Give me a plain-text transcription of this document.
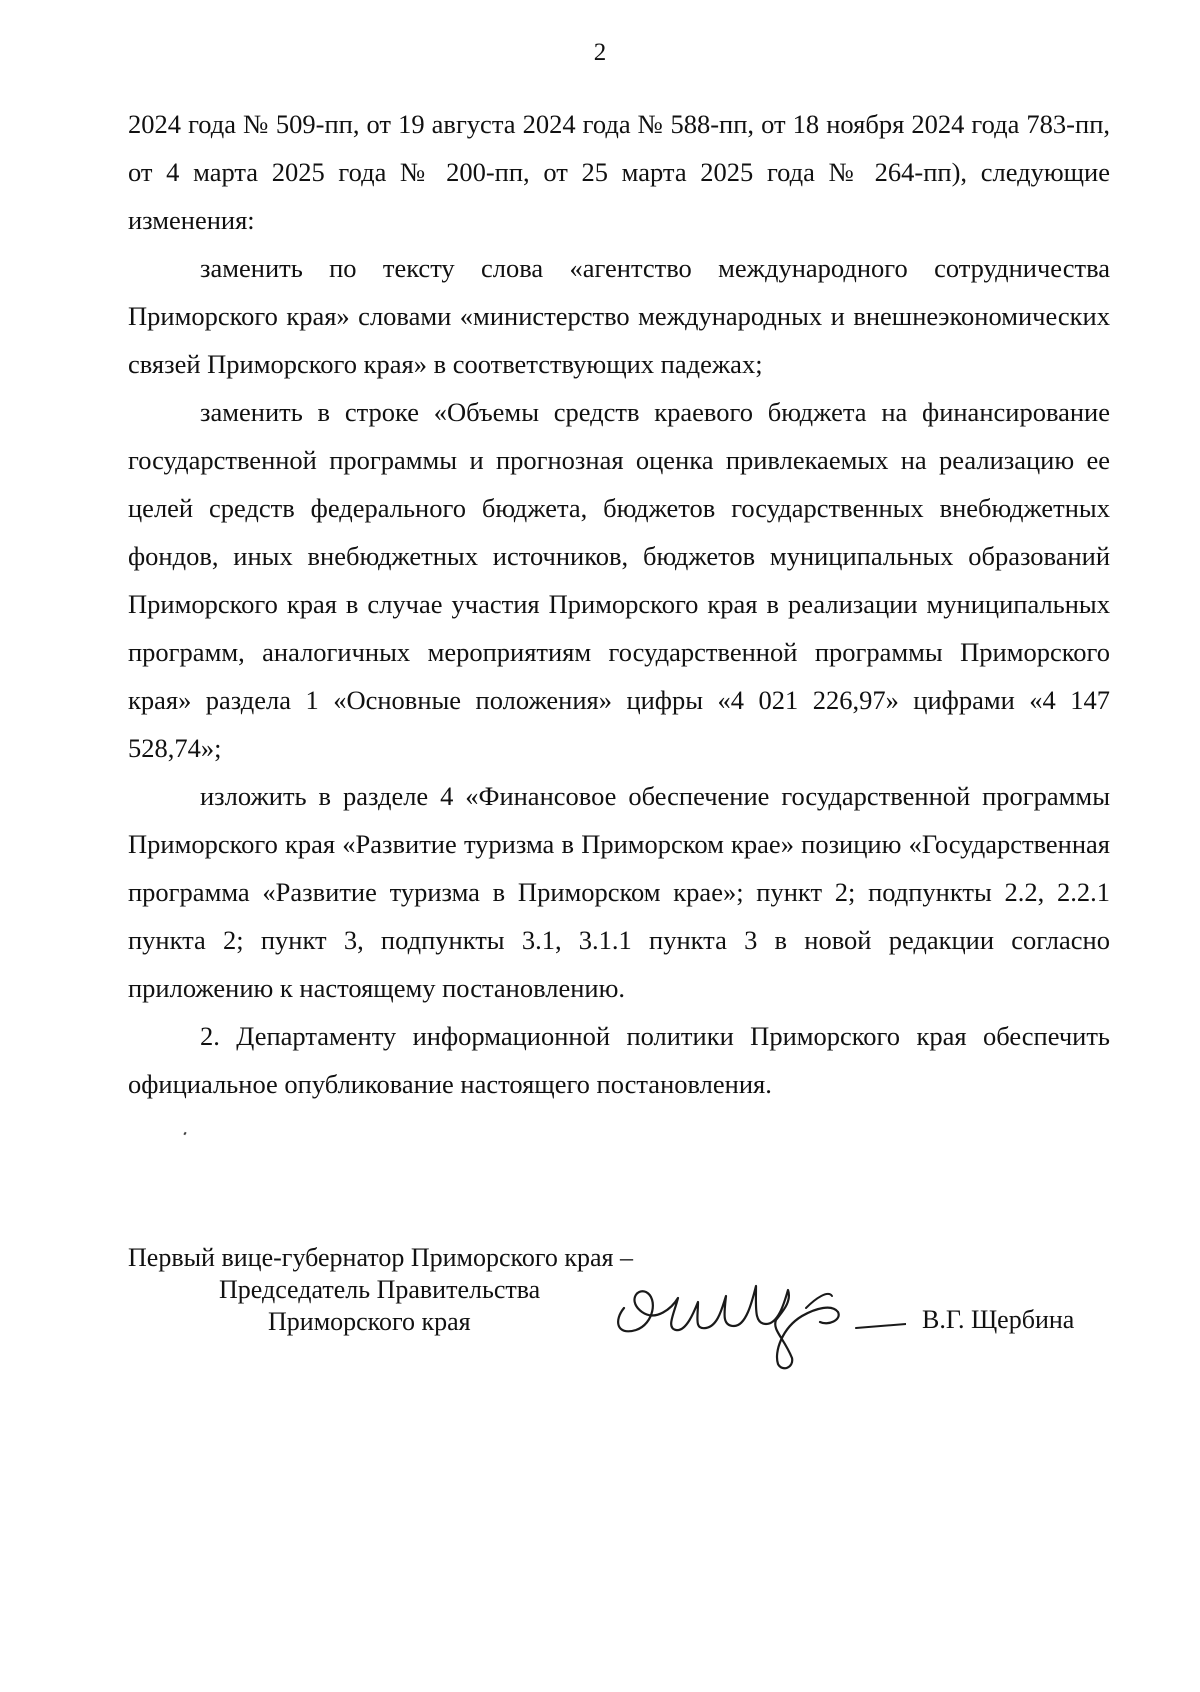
2

2024 года № 509-пп, от 19 августа 2024 года № 588-пп, от 18 ноября 2024 года 783-пп, от 4 марта 2025 года № 200-пп, от 25 марта 2025 года № 264-пп), следующие изменения:

заменить по тексту слова «агентство международного сотрудничества Приморского края» словами «министерство международных и внешнеэкономических связей Приморского края» в соответствующих падежах;

заменить в строке «Объемы средств краевого бюджета на финансирование государственной программы и прогнозная оценка привлекаемых на реализацию ее целей средств федерального бюджета, бюджетов государственных внебюджетных фондов, иных внебюджетных источников, бюджетов муниципальных образований Приморского края в случае участия Приморского края в реализации муниципальных программ, аналогичных мероприятиям государственной программы Приморского края» раздела 1 «Основные положения» цифры «4 021 226,97» цифрами «4 147 528,74»;

изложить в разделе 4 «Финансовое обеспечение государственной программы Приморского края «Развитие туризма в Приморском крае» позицию «Государственная программа «Развитие туризма в Приморском крае»; пункт 2; подпункты 2.2, 2.2.1 пункта 2; пункт 3, подпункты 3.1, 3.1.1 пункта 3 в новой редакции согласно приложению к настоящему постановлению.

2. Департаменту информационной политики Приморского края обеспечить официальное опубликование настоящего постановления.

Первый вице-губернатор Приморского края –
Председатель Правительства
Приморского края	В.Г. Щербина
